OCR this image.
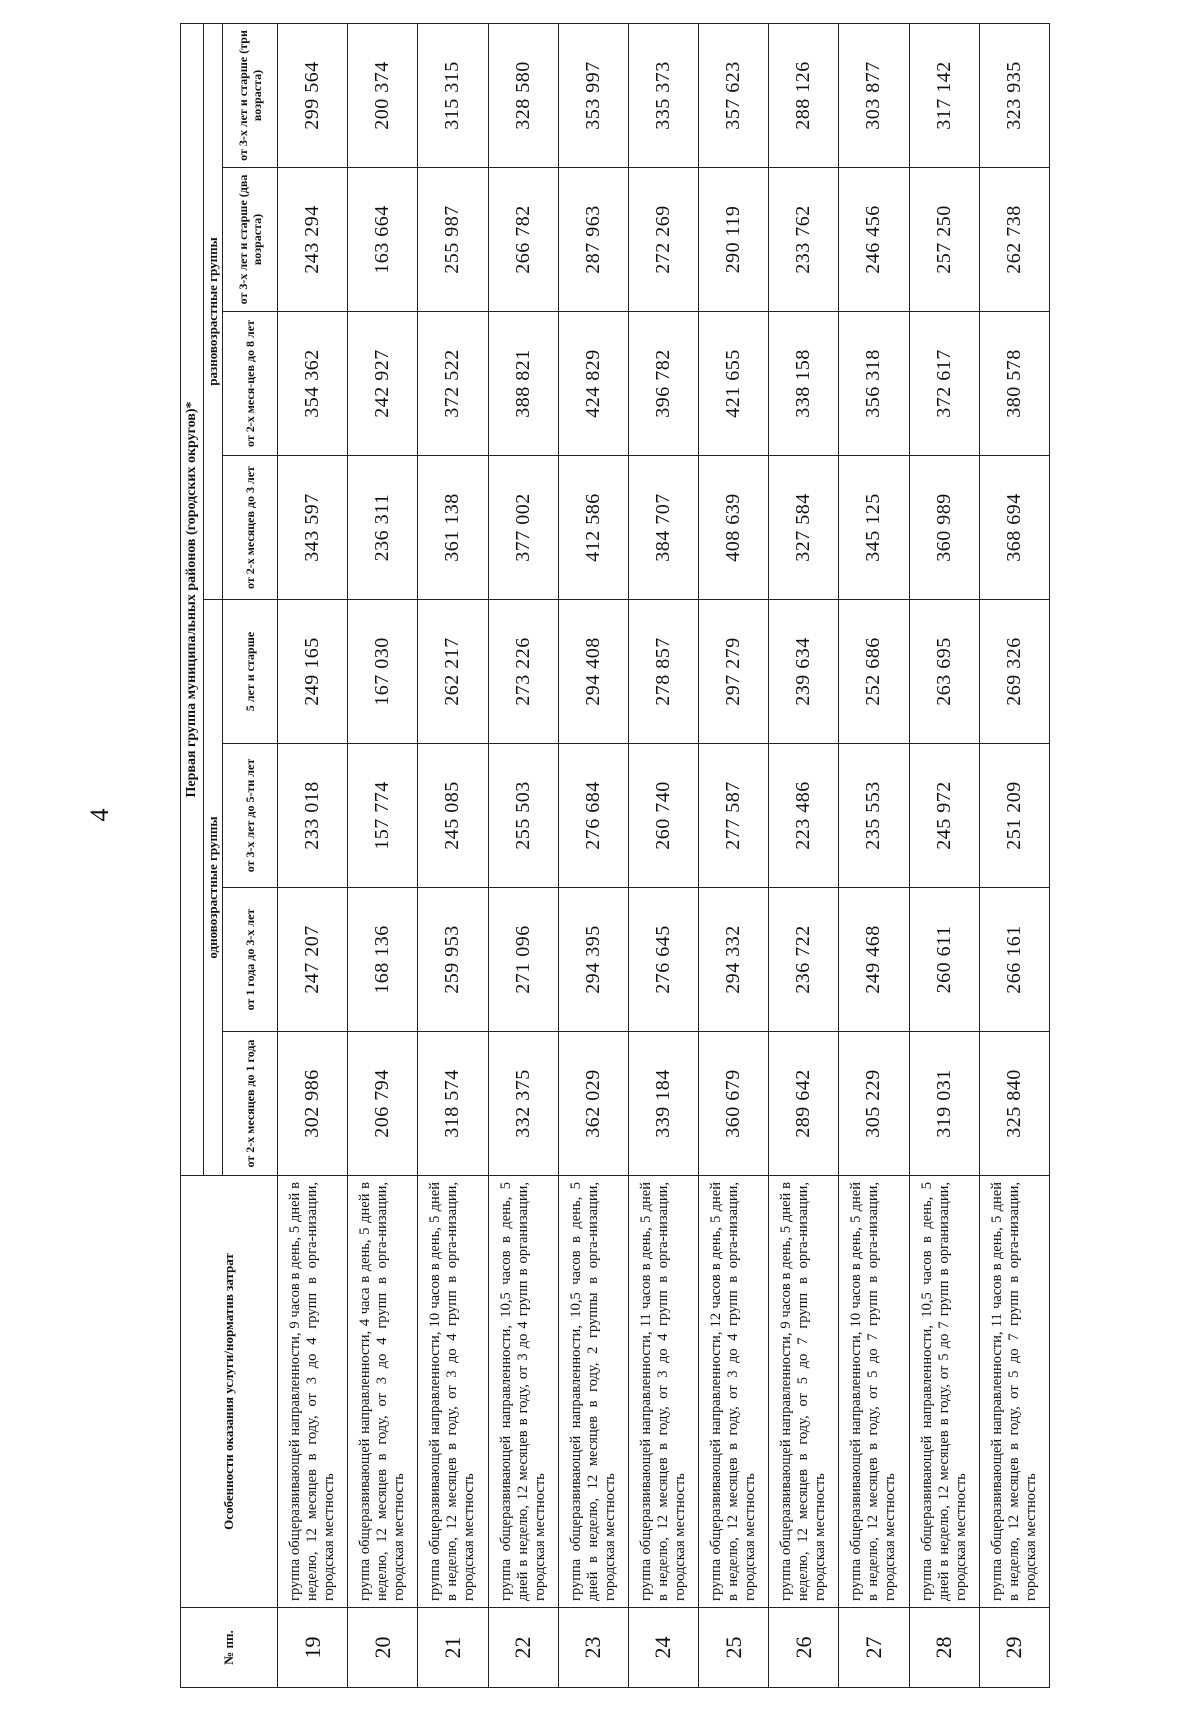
4
№ пп.	Особенности оказания услуги/норматив затрат	Первая группа муниципальных районов (городских округов)*							
		одновозрастные группы				разновозрастные группы			
		от 2-х месяцев до 1 года	от 1 года до 3-х лет	от 3-х лет до 5-ти лет	5 лет и старше	от 2-х месяцев до 3 лет	от 2-х меся-цев до 8 лет	от 3-х лет и старше (два возраста)	от 3-х лет и старше (три возраста)
19	группа общеразвивающей направленности, 9 часов в день, 5 дней в неделю, 12 месяцев в году, от 3 до 4 групп в орга-низации, городская местность	302 986	247 207	233 018	249 165	343 597	354 362	243 294	299 564
20	группа общеразвивающей направленности, 4 часа в день, 5 дней в неделю, 12 месяцев в году, от 3 до 4 групп в орга-низации, городская местность	206 794	168 136	157 774	167 030	236 311	242 927	163 664	200 374
21	группа общеразвивающей направленности, 10 часов в день, 5 дней в неделю, 12 месяцев в году, от 3 до 4 групп в орга-низации, городская местность	318 574	259 953	245 085	262 217	361 138	372 522	255 987	315 315
22	группа общеразвивающей направленности, 10,5 часов в день, 5 дней в неделю, 12 месяцев в году, от 3 до 4 групп в организации, городская местность	332 375	271 096	255 503	273 226	377 002	388 821	266 782	328 580
23	группа общеразвивающей направленности, 10,5 часов в день, 5 дней в неделю, 12 месяцев в году, 2 группы в орга-низации, городская местность	362 029	294 395	276 684	294 408	412 586	424 829	287 963	353 997
24	группа общеразвивающей направленности, 11 часов в день, 5 дней в неделю, 12 месяцев в году, от 3 до 4 групп в орга-низации, городская местность	339 184	276 645	260 740	278 857	384 707	396 782	272 269	335 373
25	группа общеразвивающей направленности, 12 часов в день, 5 дней в неделю, 12 месяцев в году, от 3 до 4 групп в орга-низации, городская местность	360 679	294 332	277 587	297 279	408 639	421 655	290 119	357 623
26	группа общеразвивающей направленности, 9 часов в день, 5 дней в неделю, 12 месяцев в году, от 5 до 7 групп в орга-низации, городская местность	289 642	236 722	223 486	239 634	327 584	338 158	233 762	288 126
27	группа общеразвивающей направленности, 10 часов в день, 5 дней в неделю, 12 месяцев в году, от 5 до 7 групп в орга-низации, городская местность	305 229	249 468	235 553	252 686	345 125	356 318	246 456	303 877
28	группа общеразвивающей направленности, 10,5 часов в день, 5 дней в неделю, 12 месяцев в году, от 5 до 7 групп в организации, городская местность	319 031	260 611	245 972	263 695	360 989	372 617	257 250	317 142
29	группа общеразвивающей направленности, 11 часов в день, 5 дней в неделю, 12 месяцев в году, от 5 до 7 групп в орга-низации, городская местность	325 840	266 161	251 209	269 326	368 694	380 578	262 738	323 935
